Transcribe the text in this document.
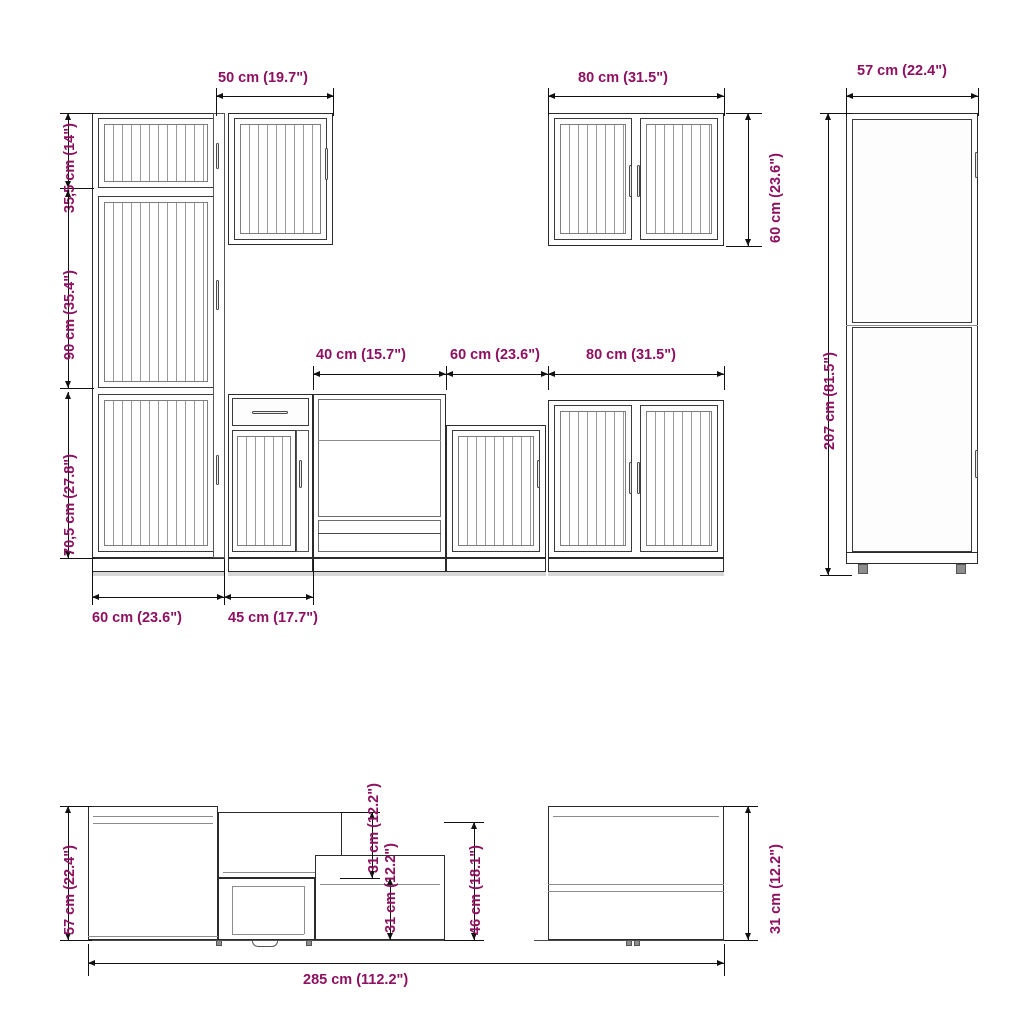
35,5 cm (14")
90 cm (35.4")
70,5 cm (27.8")
50 cm (19.7")	80 cm (31.5")
60 cm (23.6")
57 cm (22.4")
207 cm (81.5")
40 cm (15.7")	60 cm (23.6")	80 cm (31.5")
60 cm (23.6")	45 cm (17.7")
57 cm (22.4")
31 cm (12.2")
31 cm (12.2")	46 cm (18.1")	31 cm (12.2")
285 cm (112.2")
